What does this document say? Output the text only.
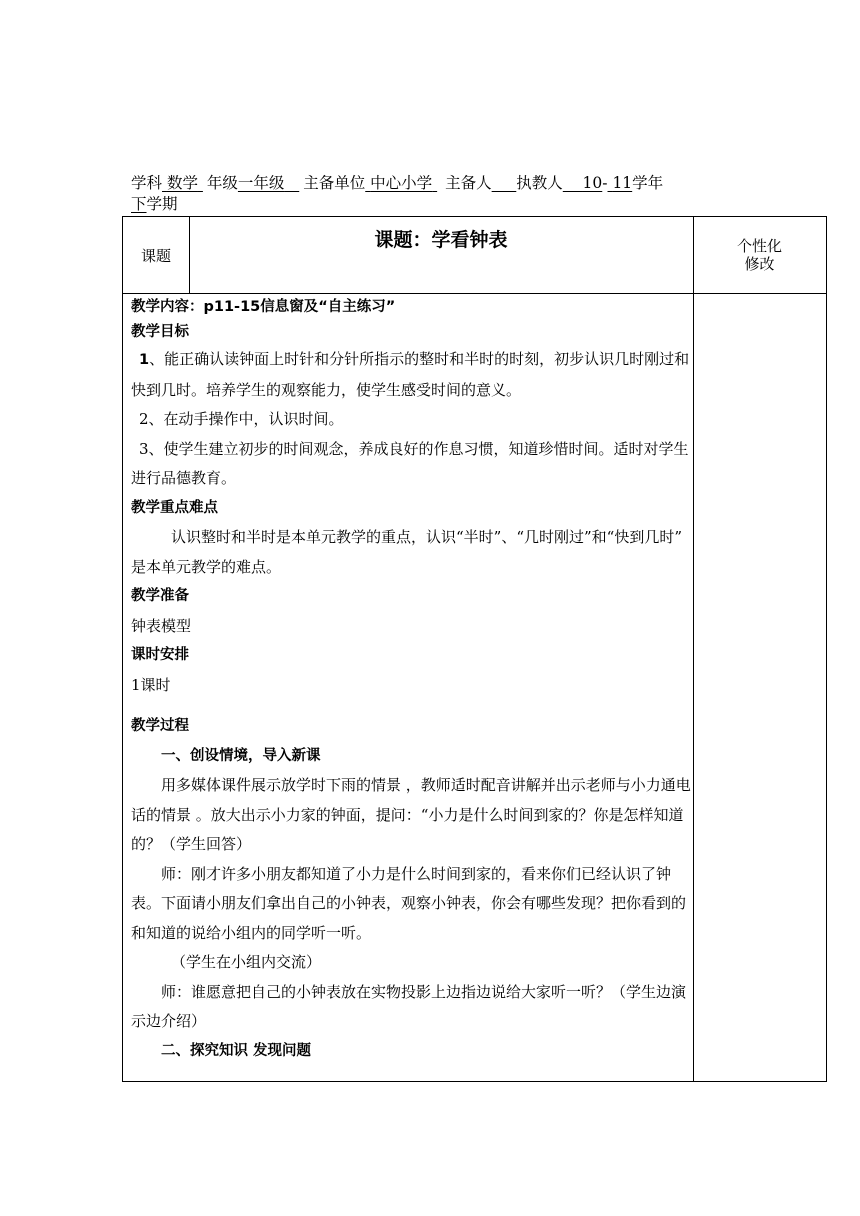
学科 数学 年级一年级 主备单位 中心小学 主备人 执教人 10- 11学年
下学期
课题
课题：学看钟表	个性化
修改

教学内容：p11-15信息窗及“自主练习”

教学目标

1、能正确认读钟面上时针和分针所指示的整时和半时的时刻，初步认识几时刚过和快到几时。培养学生的观察能力，使学生感受时间的意义。

2、在动手操作中，认识时间。

3、使学生建立初步的时间观念，养成良好的作息习惯，知道珍惜时间。适时对学生进行品德教育。

教学重点难点

认识整时和半时是本单元教学的重点，认识“半时”、“几时刚过”和“快到几时” 是本单元教学的难点。

教学准备

钟表模型

课时安排

1课时

教学过程

一、创设情境，导入新课

用多媒体课件展示放学时下雨的情景 ，教师适时配音讲解并出示老师与小力通电话的情景 。放大出示小力家的钟面，提问：“小力是什么时间到家的？你是怎样知道的？（学生回答）

师：刚才许多小朋友都知道了小力是什么时间到家的，看来你们已经认识了钟表。下面请小朋友们拿出自己的小钟表，观察小钟表，你会有哪些发现？把你看到的和知道的说给小组内的同学听一听。

（学生在小组内交流）

师：谁愿意把自己的小钟表放在实物投影上边指边说给大家听一听？（学生边演示边介绍）

二、探究知识 发现问题
